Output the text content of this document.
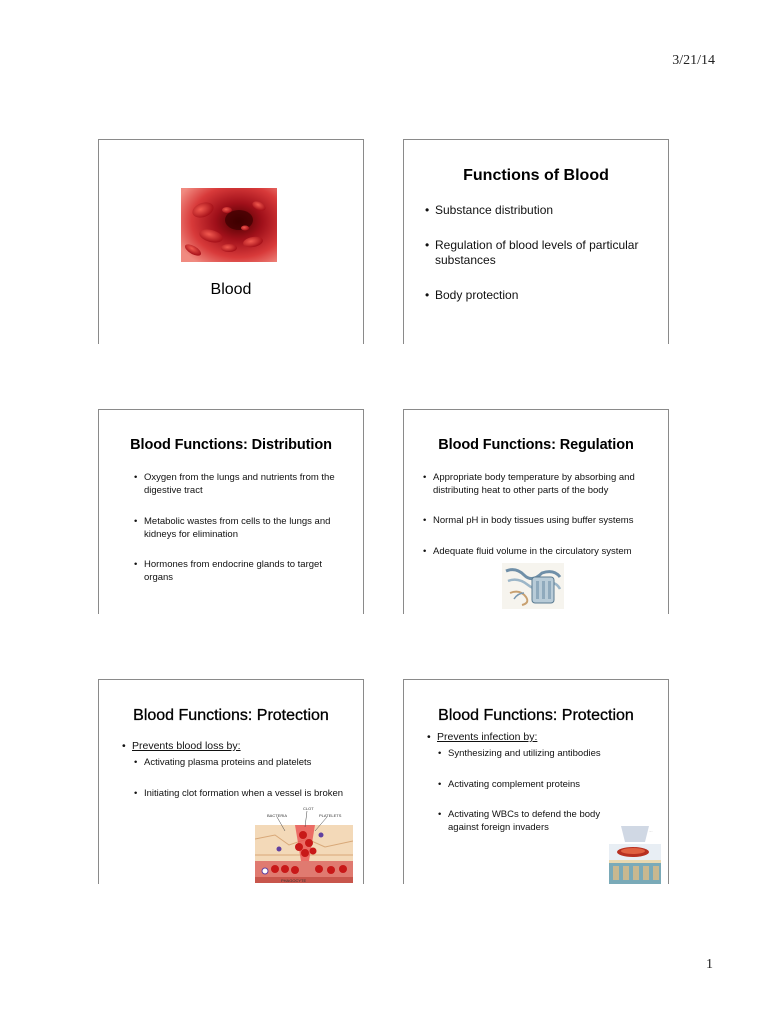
3/21/14
Blood
Functions of Blood
• Substance distribution
• Regulation of blood levels of particular substances
• Body protection
Blood Functions: Distribution
• Oxygen from the lungs and nutrients from the digestive tract
• Metabolic wastes from cells to the lungs and kidneys for elimination
• Hormones from endocrine glands to target organs
Blood Functions: Regulation
• Appropriate body temperature by absorbing and distributing heat to other parts of the body
• Normal pH in body tissues using buffer systems
• Adequate fluid volume in the circulatory system
Blood Functions: Protection
• Prevents blood loss by:
• Activating plasma proteins and platelets
• Initiating clot formation when a vessel is broken
CLOT
BACTERIA	PLATELETS
PHAGOCYTE
Blood Functions: Protection
• Prevents infection by:
• Synthesizing and utilizing antibodies
• Activating complement proteins
• Activating WBCs to defend the body against foreign invaders	.....
1
